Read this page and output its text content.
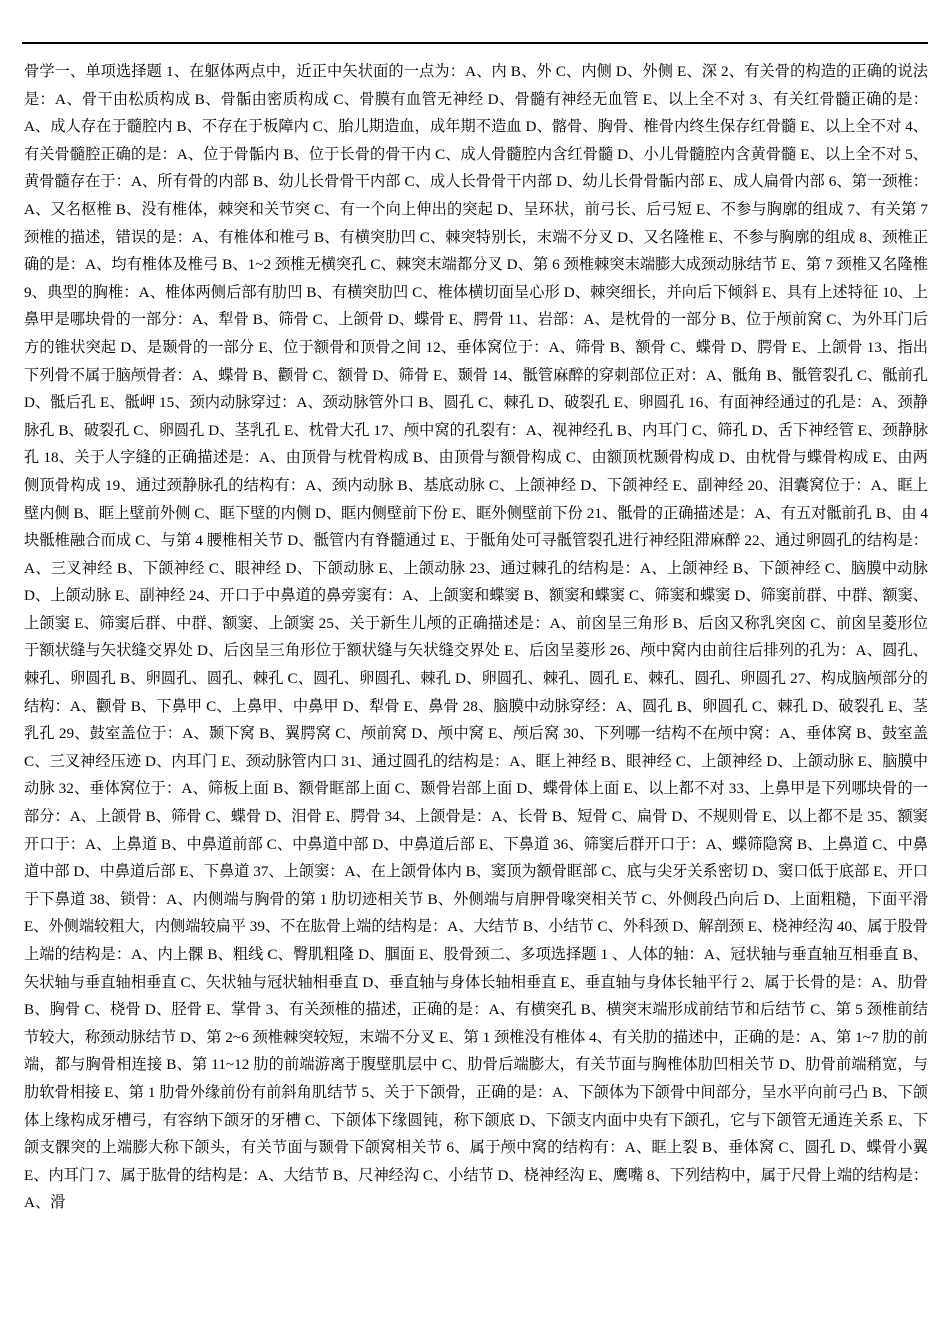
骨学一、单项选择题 1、在躯体两点中，近正中矢状面的一点为：A、内 B、外 C、内侧 D、外侧 E、深 2、有关骨的构造的正确的说法是：A、骨干由松质构成 B、骨骺由密质构成 C、骨膜有血管无神经 D、骨髓有神经无血管 E、以上全不对 3、有关红骨髓正确的是：A、成人存在于髓腔内 B、不存在于板障内 C、胎儿期造血，成年期不造血 D、髂骨、胸骨、椎骨内终生保存红骨髓 E、以上全不对 4、有关骨髓腔正确的是：A、位于骨骺内 B、位于长骨的骨干内 C、成人骨髓腔内含红骨髓 D、小儿骨髓腔内含黄骨髓 E、以上全不对 5、黄骨髓存在于：A、所有骨的内部 B、幼儿长骨骨干内部 C、成人长骨骨干内部 D、幼儿长骨骨骺内部 E、成人扁骨内部 6、第一颈椎：A、又名枢椎 B、没有椎体，棘突和关节突 C、有一个向上伸出的突起 D、呈环状，前弓长、后弓短 E、不参与胸廓的组成 7、有关第 7 颈椎的描述，错误的是：A、有椎体和椎弓 B、有横突肋凹 C、棘突特别长，末端不分叉 D、又名隆椎 E、不参与胸廓的组成 8、颈椎正确的是：A、均有椎体及椎弓 B、1~2 颈椎无横突孔 C、棘突末端都分叉 D、第 6 颈椎棘突末端膨大成颈动脉结节 E、第 7 颈椎又名隆椎 9、典型的胸椎：A、椎体两侧后部有肋凹 B、有横突肋凹 C、椎体横切面呈心形 D、棘突细长，并向后下倾斜 E、具有上述特征 10、上鼻甲是哪块骨的一部分：A、犁骨 B、筛骨 C、上颌骨 D、蝶骨 E、腭骨 11、岩部：A、是枕骨的一部分 B、位于颅前窝 C、为外耳门后方的锥状突起 D、是颞骨的一部分 E、位于额骨和顶骨之间 12、垂体窝位于：A、筛骨 B、额骨 C、蝶骨 D、腭骨 E、上颌骨 13、指出下列骨不属于脑颅骨者：A、蝶骨 B、颧骨 C、额骨 D、筛骨 E、颞骨 14、骶管麻醉的穿刺部位正对：A、骶角 B、骶管裂孔 C、骶前孔 D、骶后孔 E、骶岬 15、颈内动脉穿过：A、颈动脉管外口 B、圆孔 C、棘孔 D、破裂孔 E、卵圆孔 16、有面神经通过的孔是：A、颈静脉孔 B、破裂孔 C、卵圆孔 D、茎乳孔 E、枕骨大孔 17、颅中窝的孔裂有：A、视神经孔 B、内耳门 C、筛孔 D、舌下神经管 E、颈静脉孔 18、关于人字缝的正确描述是：A、由顶骨与枕骨构成 B、由顶骨与额骨构成 C、由额顶枕颞骨构成 D、由枕骨与蝶骨构成 E、由两侧顶骨构成 19、通过颈静脉孔的结构有：A、颈内动脉 B、基底动脉 C、上颌神经 D、下颌神经 E、副神经 20、泪囊窝位于：A、眶上壁内侧 B、眶上壁前外侧 C、眶下壁的内侧 D、眶内侧壁前下份 E、眶外侧壁前下份 21、骶骨的正确描述是：A、有五对骶前孔 B、由 4 块骶椎融合而成 C、与第 4 腰椎相关节 D、骶管内有脊髓通过 E、于骶角处可寻骶管裂孔进行神经阻滞麻醉 22、通过卵圆孔的结构是：A、三叉神经 B、下颌神经 C、眼神经 D、下颌动脉 E、上颌动脉 23、通过棘孔的结构是：A、上颌神经 B、下颌神经 C、脑膜中动脉 D、上颌动脉 E、副神经 24、开口于中鼻道的鼻旁窦有：A、上颌窦和蝶窦 B、额窦和蝶窦 C、筛窦和蝶窦 D、筛窦前群、中群、额窦、上颌窦 E、筛窦后群、中群、额窦、上颌窦 25、关于新生儿颅的正确描述是：A、前囟呈三角形 B、后囟又称乳突囟 C、前囟呈菱形位于额状缝与矢状缝交界处 D、后囟呈三角形位于额状缝与矢状缝交界处 E、后囟呈菱形 26、颅中窝内由前往后排列的孔为：A、圆孔、棘孔、卵圆孔 B、卵圆孔、圆孔、棘孔 C、圆孔、卵圆孔、棘孔 D、卵圆孔、棘孔、圆孔 E、棘孔、圆孔、卵圆孔 27、构成脑颅部分的结构：A、颧骨 B、下鼻甲 C、上鼻甲、中鼻甲 D、犁骨 E、鼻骨 28、脑膜中动脉穿经：A、圆孔 B、卵圆孔 C、棘孔 D、破裂孔 E、茎乳孔 29、鼓室盖位于：A、颞下窝 B、翼腭窝 C、颅前窝 D、颅中窝 E、颅后窝 30、下列哪一结构不在颅中窝：A、垂体窝 B、鼓室盖 C、三叉神经压迹 D、内耳门 E、颈动脉管内口 31、通过圆孔的结构是：A、眶上神经 B、眼神经 C、上颌神经 D、上颌动脉 E、脑膜中动脉 32、垂体窝位于：A、筛板上面 B、额骨眶部上面 C、颞骨岩部上面 D、蝶骨体上面 E、以上都不对 33、上鼻甲是下列哪块骨的一部分：A、上颌骨 B、筛骨 C、蝶骨 D、泪骨 E、腭骨 34、上颌骨是：A、长骨 B、短骨 C、扁骨 D、不规则骨 E、以上都不是 35、额窦开口于：A、上鼻道 B、中鼻道前部 C、中鼻道中部 D、中鼻道后部 E、下鼻道 36、筛窦后群开口于：A、蝶筛隐窝 B、上鼻道 C、中鼻道中部 D、中鼻道后部 E、下鼻道 37、上颌窦：A、在上颌骨体内 B、窦顶为额骨眶部 C、底与尖牙关系密切 D、窦口低于底部 E、开口于下鼻道 38、锁骨：A、内侧端与胸骨的第 1 肋切迹相关节 B、外侧端与肩胛骨喙突相关节 C、外侧段凸向后 D、上面粗糙，下面平滑 E、外侧端较粗大，内侧端较扁平 39、不在肱骨上端的结构是：A、大结节 B、小结节 C、外科颈 D、解剖颈 E、桡神经沟 40、属于股骨上端的结构是：A、内上髁 B、粗线 C、臀肌粗隆 D、腘面 E、股骨颈二、多项选择题 1 、人体的轴：A、冠状轴与垂直轴互相垂直 B、矢状轴与垂直轴相垂直 C、矢状轴与冠状轴相垂直 D、垂直轴与身体长轴相垂直 E、垂直轴与身体长轴平行 2、属于长骨的是：A、肋骨 B、胸骨 C、桡骨 D、胫骨 E、掌骨 3、有关颈椎的描述，正确的是：A、有横突孔 B、横突末端形成前结节和后结节 C、第 5 颈椎前结节较大，称颈动脉结节 D、第 2~6 颈椎棘突较短，末端不分叉 E、第 1 颈椎没有椎体 4、有关肋的描述中，正确的是：A、第 1~7 肋的前端，都与胸骨相连接 B、第 11~12 肋的前端游离于腹壁肌层中 C、肋骨后端膨大，有关节面与胸椎体肋凹相关节 D、肋骨前端稍宽，与肋软骨相接 E、第 1 肋骨外缘前份有前斜角肌结节 5、关于下颌骨，正确的是：A、下颌体为下颌骨中间部分，呈水平向前弓凸 B、下颌体上缘构成牙槽弓，有容纳下颌牙的牙槽 C、下颌体下缘圆钝，称下颌底 D、下颌支内面中央有下颌孔，它与下颌管无通连关系 E、下颌支髁突的上端膨大称下颌头，有关节面与颞骨下颌窝相关节 6、属于颅中窝的结构有：A、眶上裂 B、垂体窝 C、圆孔 D、蝶骨小翼 E、内耳门 7、属于肱骨的结构是：A、大结节 B、尺神经沟 C、小结节 D、桡神经沟 E、鹰嘴 8、下列结构中，属于尺骨上端的结构是：A、滑
